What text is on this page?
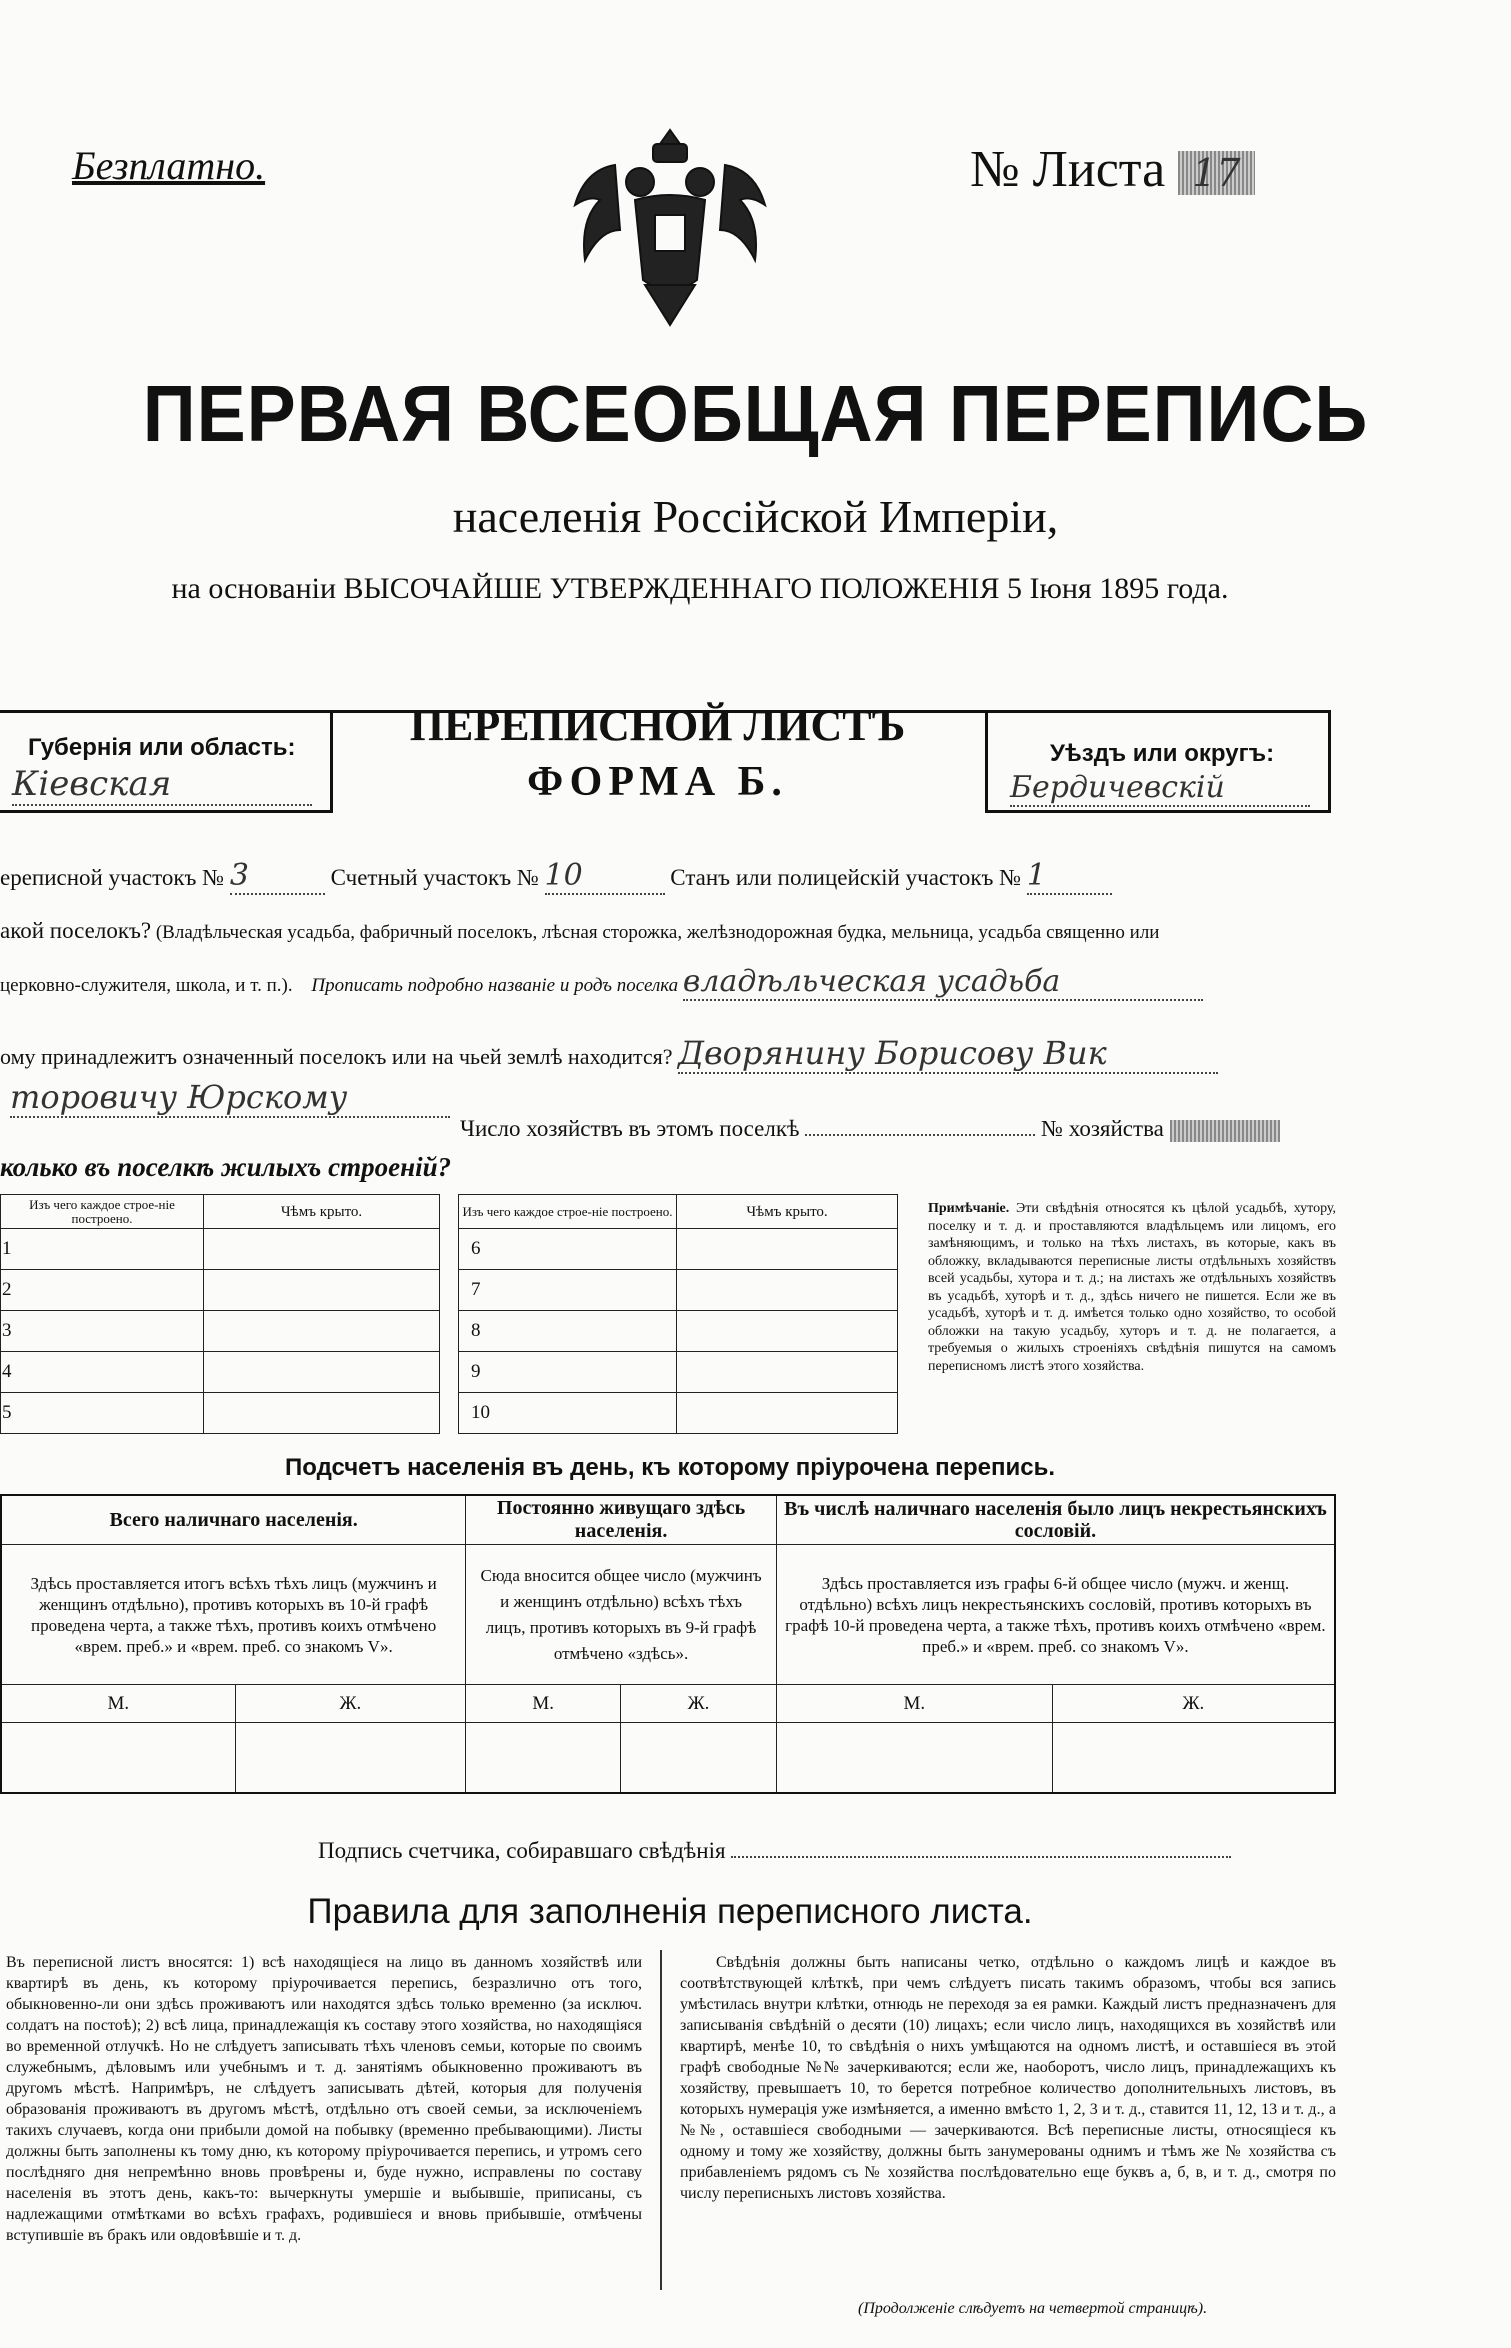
Безплатно.	№ Листа 17
ПЕРВАЯ ВСЕОБЩАЯ ПЕРЕПИСЬ
населенія Россійской Имперіи,
на основаніи ВЫСОЧАЙШЕ УТВЕРЖДЕННАГО ПОЛОЖЕНІЯ 5 Іюня 1895 года.
Губернія или область:
Кіевская
ПЕРЕПИСНОЙ ЛИСТЪ
ФОРМА Б.
Уѣздъ или округъ:
Бердичевскій
ереписной участокъ № 3	Счетный участокъ № 10	Станъ или полицейскій участокъ № 1
акой поселокъ? (Владѣльческая усадьба, фабричный поселокъ, лѣсная сторожка, желѣзнодорожная будка, мельница, усадьба священно или
церковно-служителя, школа, и т. п.). Прописать подробно названіе и родъ поселка владѣльческая усадьба
ому принадлежитъ означенный поселокъ или на чьей землѣ находится? Дворянину Борисову Вик
торовичу Юрскому
Число хозяйствъ въ этомъ поселкѣ	№ хозяйства
колько въ поселкѣ жилыхъ строеній?
Изъ чего каждое строе-ніе построено.	Чѣмъ крыто.
1	
2	
3	
4	
5	
Изъ чего каждое строе-ніе построено.	Чѣмъ крыто.
6	
7	
8	
9	
10	
Примѣчаніе. Эти свѣдѣнія относятся къ цѣлой усадьбѣ, хутору, поселку и т. д. и проставляются владѣльцемъ или лицомъ, его замѣняющимъ, и только на тѣхъ листахъ, въ которые, какъ въ обложку, вкладываются переписные листы отдѣльныхъ хозяйствъ всей усадьбы, хутора и т. д.; на листахъ же отдѣльныхъ хозяйствъ въ усадьбѣ, хуторѣ и т. д., здѣсь ничего не пишется. Если же въ усадьбѣ, хуторѣ и т. д. имѣется только одно хозяйство, то особой обложки на такую усадьбу, хуторъ и т. д. не полагается, а требуемыя о жилыхъ строеніяхъ свѣдѣнія пишутся на самомъ переписномъ листѣ этого хозяйства.
Подсчетъ населенія въ день, къ которому пріурочена перепись.
Всего наличнаго населенія.		Постоянно живущаго здѣсь населенія.		Въ числѣ наличнаго населенія было лицъ некрестьянскихъ сословій.	
Здѣсь проставляется итогъ всѣхъ тѣхъ лицъ (мужчинъ и женщинъ отдѣльно), противъ которыхъ въ 10-й графѣ проведена черта, а также тѣхъ, противъ коихъ отмѣчено «врем. преб.» и «врем. преб. со знакомъ V».		Сюда вносится общее число (мужчинъ и женщинъ отдѣльно) всѣхъ тѣхъ лицъ, противъ которыхъ въ 9-й графѣ отмѣчено «здѣсь».		Здѣсь проставляется изъ графы 6-й общее число (мужч. и женщ. отдѣльно) всѣхъ лицъ некрестьянскихъ сословій, противъ которыхъ въ графѣ 10-й проведена черта, а также тѣхъ, противъ коихъ отмѣчено «врем. преб.» и «врем. преб. со знакомъ V».	
М.	Ж.	М.	Ж.	М.	Ж.

Подпись счетчика, собиравшаго свѣдѣнія
Правила для заполненія переписного листа.
Въ переписной листъ вносятся: 1) всѣ находящіеся на лицо въ данномъ хозяйствѣ или квартирѣ въ день, къ которому пріурочивается перепись, безразлично отъ того, обыкновенно-ли они здѣсь проживаютъ или находятся здѣсь только временно (за исключ. солдатъ на постоѣ); 2) всѣ лица, принадлежащія къ составу этого хозяйства, но находящіяся во временной отлучкѣ. Но не слѣдуетъ записывать тѣхъ членовъ семьи, которые по своимъ служебнымъ, дѣловымъ или учебнымъ и т. д. занятіямъ обыкновенно проживаютъ въ другомъ мѣстѣ. Напримѣръ, не слѣдуетъ записывать дѣтей, которыя для полученія образованія проживаютъ въ другомъ мѣстѣ, отдѣльно отъ своей семьи, за исключеніемъ такихъ случаевъ, когда они прибыли домой на побывку (временно пребывающими). Листы должны быть заполнены къ тому дню, къ которому пріурочивается перепись, и утромъ сего послѣдняго дня непремѣнно вновь провѣрены и, буде нужно, исправлены по составу населенія въ этотъ день, какъ-то: вычеркнуты умершіе и выбывшіе, приписаны, съ надлежащими отмѣтками во всѣхъ графахъ, родившіеся и вновь прибывшіе, отмѣчены вступившіе въ бракъ или овдовѣвшіе и т. д.
Свѣдѣнія должны быть написаны четко, отдѣльно о каждомъ лицѣ и каждое въ соотвѣтствующей клѣткѣ, при чемъ слѣдуетъ писать такимъ образомъ, чтобы вся запись умѣстилась внутри клѣтки, отнюдь не переходя за ея рамки. Каждый листъ предназначенъ для записыванія свѣдѣній о десяти (10) лицахъ; если число лицъ, находящихся въ хозяйствѣ или квартирѣ, менѣе 10, то свѣдѣнія о нихъ умѣщаются на одномъ листѣ, и оставшіеся въ этой графѣ свободные №№ зачеркиваются; если же, наоборотъ, число лицъ, принадлежащихъ къ хозяйству, превышаетъ 10, то берется потребное количество дополнительныхъ листовъ, въ которыхъ нумерація уже измѣняется, а именно вмѣсто 1, 2, 3 и т. д., ставится 11, 12, 13 и т. д., а №№, оставшіеся свободными — зачеркиваются. Всѣ переписные листы, относящіеся къ одному и тому же хозяйству, должны быть занумерованы однимъ и тѣмъ же № хозяйства съ прибавленіемъ рядомъ съ № хозяйства послѣдовательно еще буквъ а, б, в, и т. д., смотря по числу переписныхъ листовъ хозяйства.
(Продолженіе слѣдуетъ на четвертой страницѣ).
